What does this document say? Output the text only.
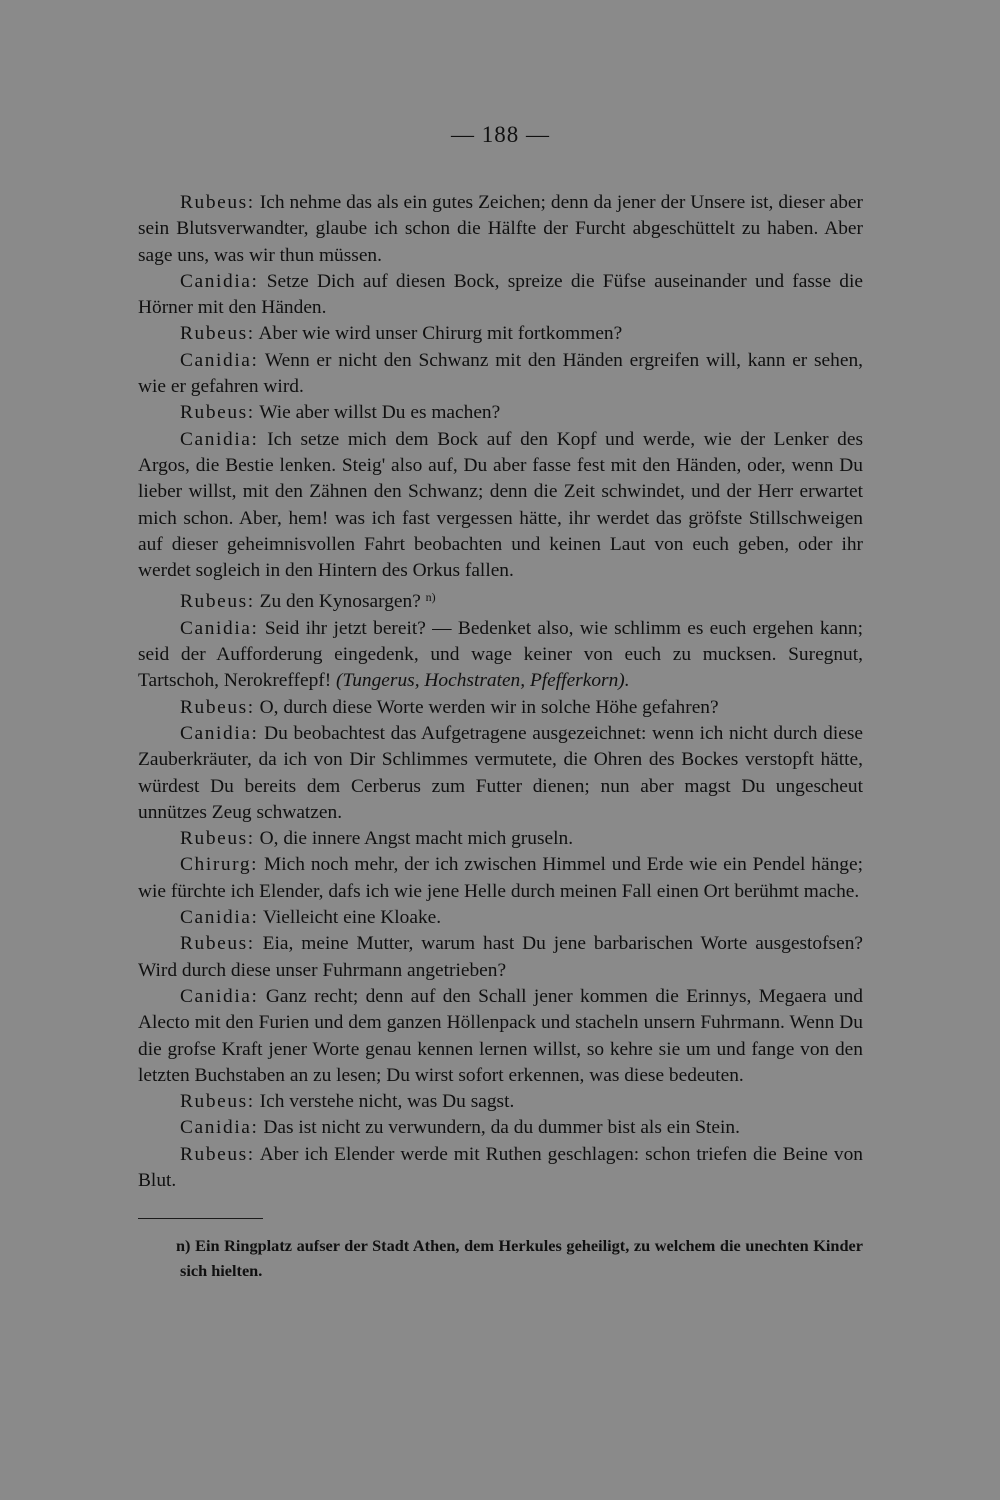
— 188 —

Rubeus: Ich nehme das als ein gutes Zeichen; denn da jener der Unsere ist, dieser aber sein Blutsverwandter, glaube ich schon die Hälfte der Furcht abgeschüttelt zu haben. Aber sage uns, was wir thun müssen.

Canidia: Setze Dich auf diesen Bock, spreize die Füfse auseinander und fasse die Hörner mit den Händen.

Rubeus: Aber wie wird unser Chirurg mit fortkommen?

Canidia: Wenn er nicht den Schwanz mit den Händen ergreifen will, kann er sehen, wie er gefahren wird.

Rubeus: Wie aber willst Du es machen?

Canidia: Ich setze mich dem Bock auf den Kopf und werde, wie der Lenker des Argos, die Bestie lenken. Steig' also auf, Du aber fasse fest mit den Händen, oder, wenn Du lieber willst, mit den Zähnen den Schwanz; denn die Zeit schwindet, und der Herr erwartet mich schon. Aber, hem! was ich fast vergessen hätte, ihr werdet das gröfste Stillschweigen auf dieser geheimnisvollen Fahrt beobachten und keinen Laut von euch geben, oder ihr werdet sogleich in den Hintern des Orkus fallen.

Rubeus: Zu den Kynosargen? $^{n)}$

Canidia: Seid ihr jetzt bereit? — Bedenket also, wie schlimm es euch ergehen kann; seid der Aufforderung eingedenk, und wage keiner von euch zu mucksen. Suregnut, Tartschoh, Nerokreffepf! (Tungerus, Hochstraten, Pfefferkorn).

Rubeus: O, durch diese Worte werden wir in solche Höhe gefahren?

Canidia: Du beobachtest das Aufgetragene ausgezeichnet: wenn ich nicht durch diese Zauberkräuter, da ich von Dir Schlimmes vermutete, die Ohren des Bockes verstopft hätte, würdest Du bereits dem Cerberus zum Futter dienen; nun aber magst Du ungescheut unnützes Zeug schwatzen.

Rubeus: O, die innere Angst macht mich gruseln.

Chirurg: Mich noch mehr, der ich zwischen Himmel und Erde wie ein Pendel hänge; wie fürchte ich Elender, dafs ich wie jene Helle durch meinen Fall einen Ort berühmt mache.

Canidia: Vielleicht eine Kloake.

Rubeus: Eia, meine Mutter, warum hast Du jene barbarischen Worte ausgestofsen? Wird durch diese unser Fuhrmann angetrieben?

Canidia: Ganz recht; denn auf den Schall jener kommen die Erinnys, Megaera und Alecto mit den Furien und dem ganzen Höllenpack und stacheln unsern Fuhrmann. Wenn Du die grofse Kraft jener Worte genau kennen lernen willst, so kehre sie um und fange von den letzten Buchstaben an zu lesen; Du wirst sofort erkennen, was diese bedeuten.

Rubeus: Ich verstehe nicht, was Du sagst.

Canidia: Das ist nicht zu verwundern, da du dummer bist als ein Stein.

Rubeus: Aber ich Elender werde mit Ruthen geschlagen: schon triefen die Beine von Blut.

n) Ein Ringplatz aufser der Stadt Athen, dem Herkules geheiligt, zu welchem die unechten Kinder sich hielten.
